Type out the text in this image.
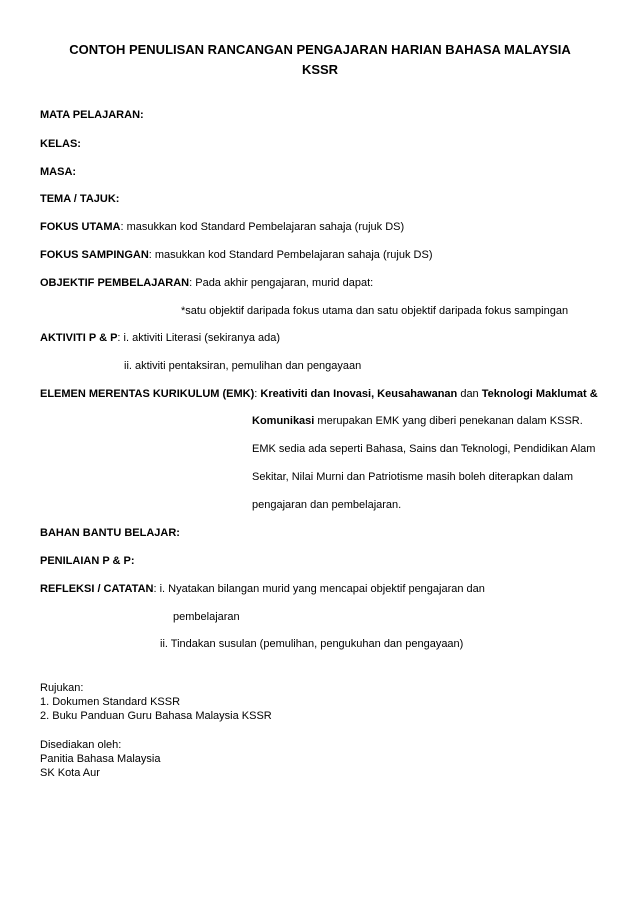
CONTOH PENULISAN RANCANGAN PENGAJARAN HARIAN BAHASA MALAYSIA
KSSR
MATA PELAJARAN:
KELAS:
MASA:
TEMA / TAJUK:
FOKUS UTAMA: masukkan kod Standard Pembelajaran sahaja (rujuk DS)
FOKUS SAMPINGAN: masukkan kod Standard Pembelajaran sahaja (rujuk DS)
OBJEKTIF PEMBELAJARAN: Pada akhir pengajaran, murid dapat:
*satu objektif daripada fokus utama dan satu objektif daripada fokus sampingan
AKTIVITI P & P: i. aktiviti Literasi (sekiranya ada)
ii. aktiviti pentaksiran, pemulihan dan pengayaan
ELEMEN MERENTAS KURIKULUM (EMK): Kreativiti dan Inovasi, Keusahawanan dan Teknologi Maklumat &
Komunikasi merupakan EMK yang diberi penekanan dalam KSSR.
EMK sedia ada seperti Bahasa, Sains dan Teknologi, Pendidikan Alam
Sekitar, Nilai Murni dan Patriotisme masih boleh diterapkan dalam
pengajaran dan pembelajaran.
BAHAN BANTU BELAJAR:
PENILAIAN P & P:
REFLEKSI / CATATAN: i. Nyatakan bilangan murid yang mencapai objektif pengajaran dan
pembelajaran
ii. Tindakan susulan (pemulihan, pengukuhan dan pengayaan)
Rujukan:
1. Dokumen Standard KSSR
2. Buku Panduan Guru Bahasa Malaysia KSSR
Disediakan oleh:
Panitia Bahasa Malaysia
SK Kota Aur
